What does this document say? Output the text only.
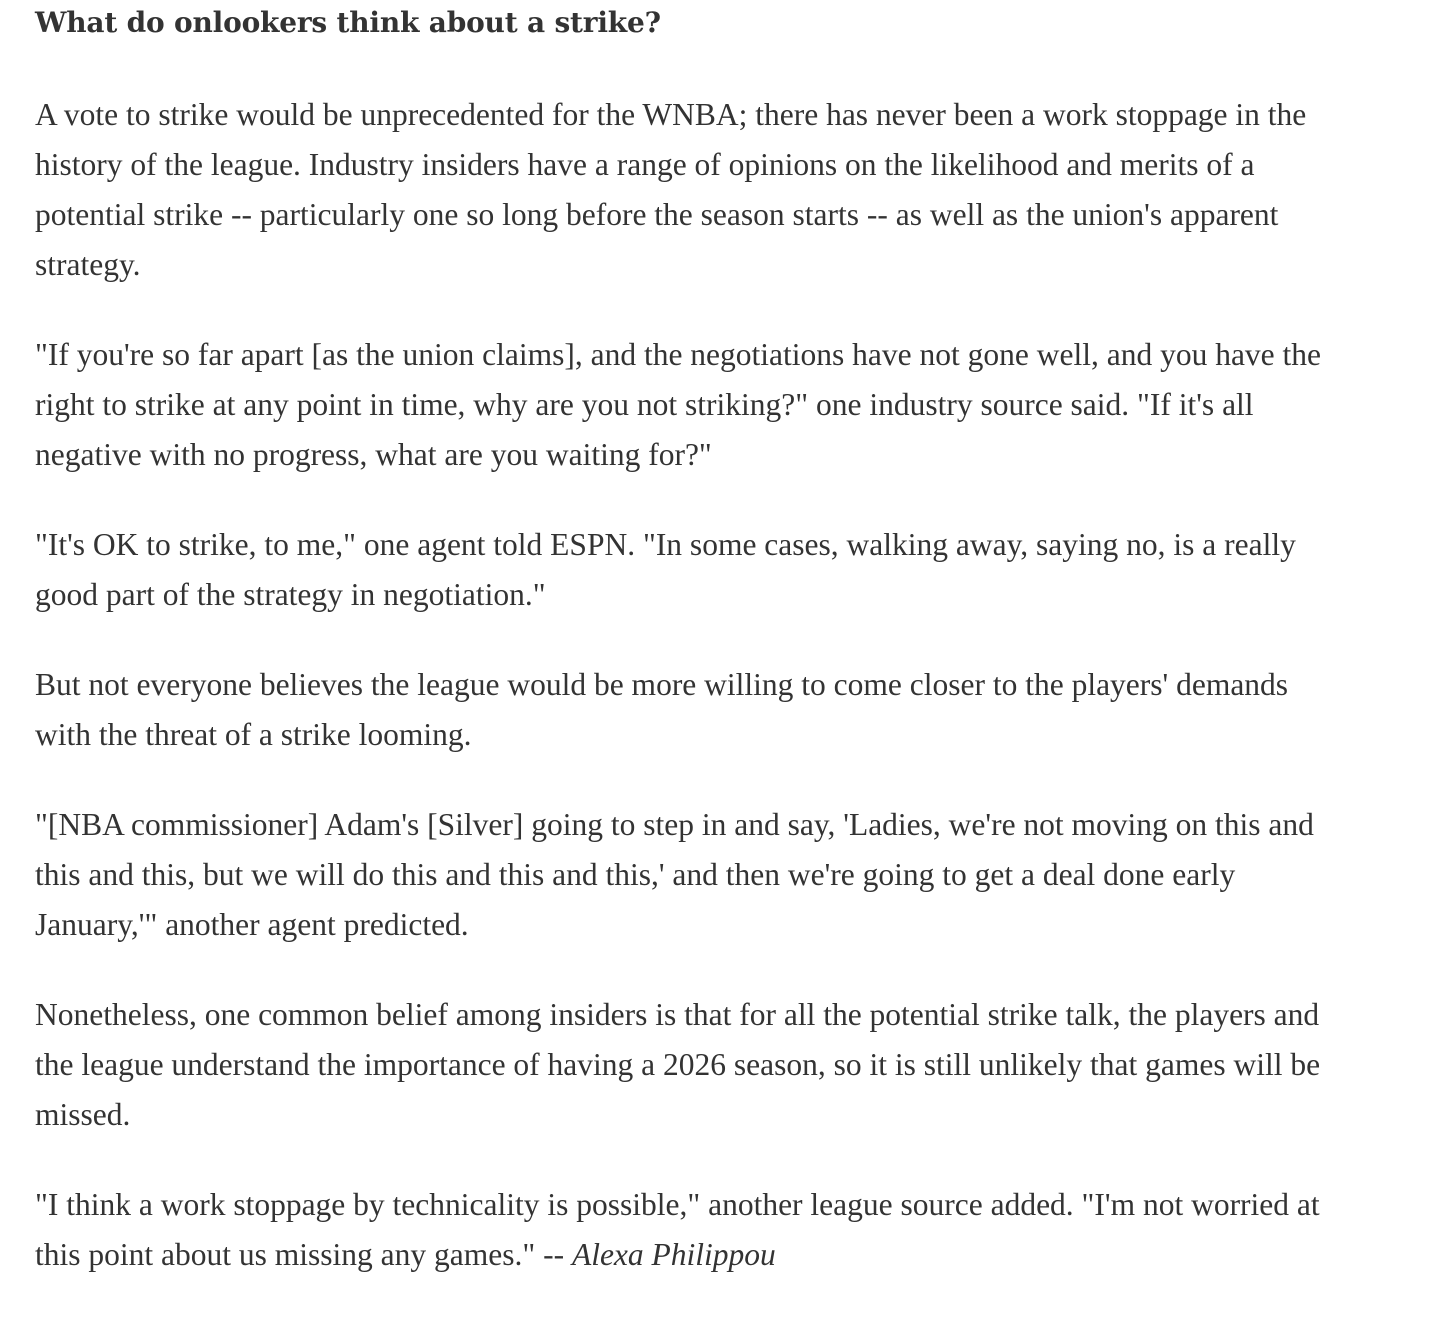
What do onlookers think about a strike?

A vote to strike would be unprecedented for the WNBA; there has never been a work stoppage in the history of the league. Industry insiders have a range of opinions on the likelihood and merits of a potential strike -- particularly one so long before the season starts -- as well as the union's apparent strategy.

"If you're so far apart [as the union claims], and the negotiations have not gone well, and you have the right to strike at any point in time, why are you not striking?" one industry source said. "If it's all negative with no progress, what are you waiting for?"

"It's OK to strike, to me," one agent told ESPN. "In some cases, walking away, saying no, is a really good part of the strategy in negotiation."

But not everyone believes the league would be more willing to come closer to the players' demands with the threat of a strike looming.

"[NBA commissioner] Adam's [Silver] going to step in and say, 'Ladies, we're not moving on this and this and this, but we will do this and this and this,' and then we're going to get a deal done early January,'" another agent predicted.

Nonetheless, one common belief among insiders is that for all the potential strike talk, the players and the league understand the importance of having a 2026 season, so it is still unlikely that games will be missed.

"I think a work stoppage by technicality is possible," another league source added. "I'm not worried at this point about us missing any games." -- Alexa Philippou
